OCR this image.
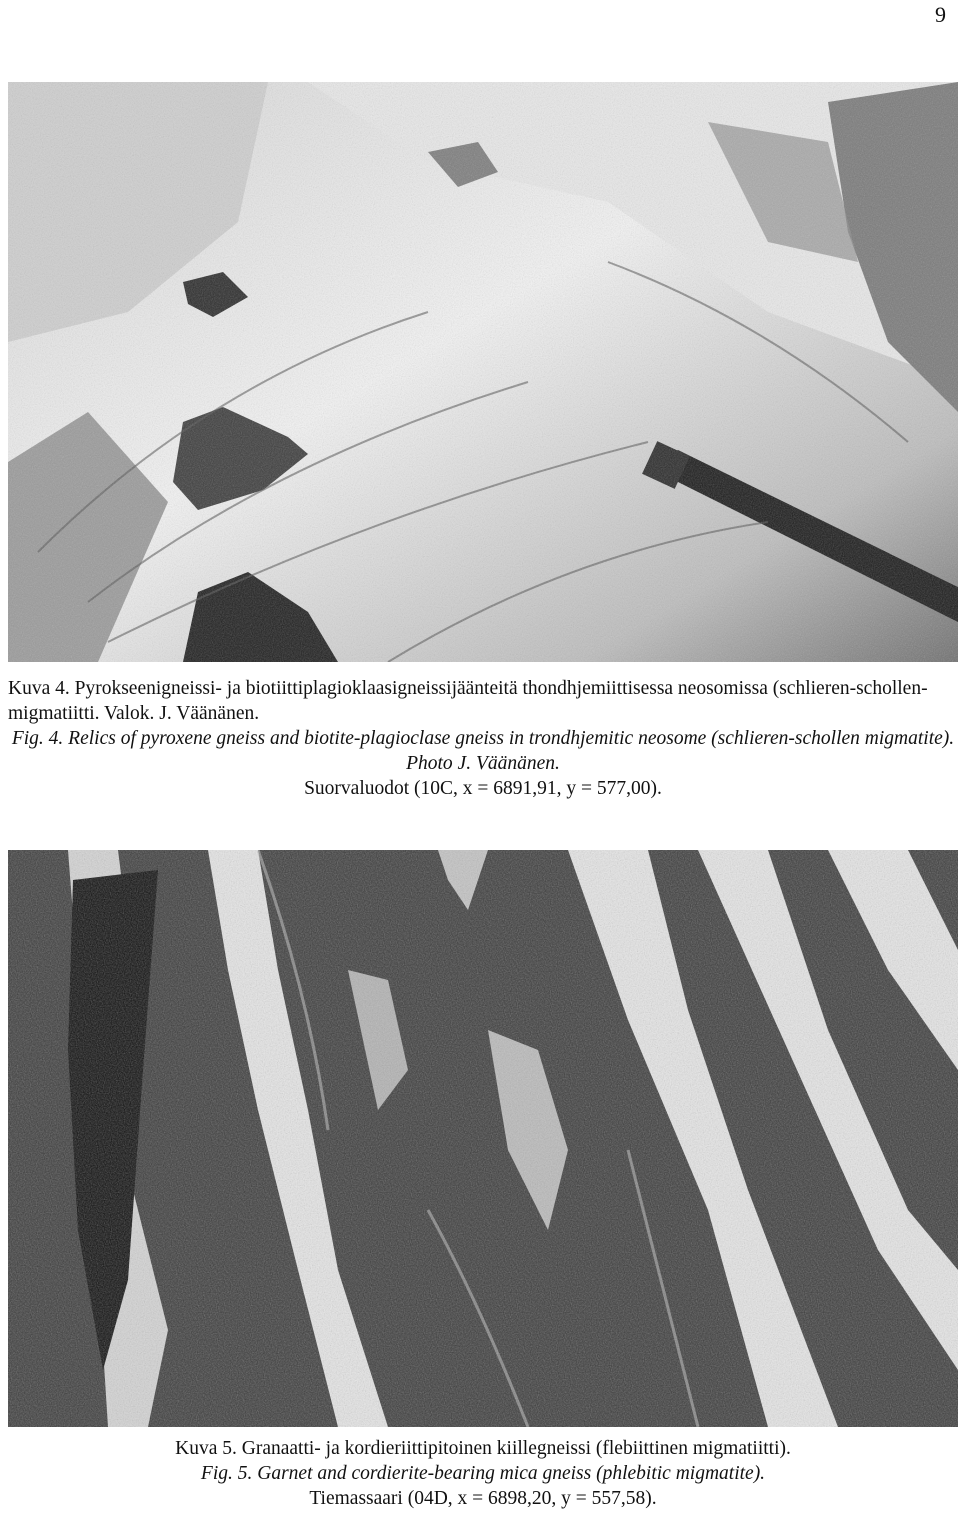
9

Kuva 4. Pyrokseenigneissi- ja biotiittiplagioklaasigneissijäänteitä thondhjemiittisessa neosomissa (schlieren-schollen-migmatiitti. Valok. J. Väänänen.

Fig. 4. Relics of pyroxene gneiss and biotite-plagioclase gneiss in trondhjemitic neosome (schlieren-schollen migmatite). Photo J. Väänänen.

Suorvaluodot (10C, x = 6891,91, y = 577,00).

Kuva 5. Granaatti- ja kordieriittipitoinen kiillegneissi (flebiittinen migmatiitti).

Fig. 5. Garnet and cordierite-bearing mica gneiss (phlebitic migmatite).

Tiemassaari (04D, x = 6898,20, y = 557,58).
